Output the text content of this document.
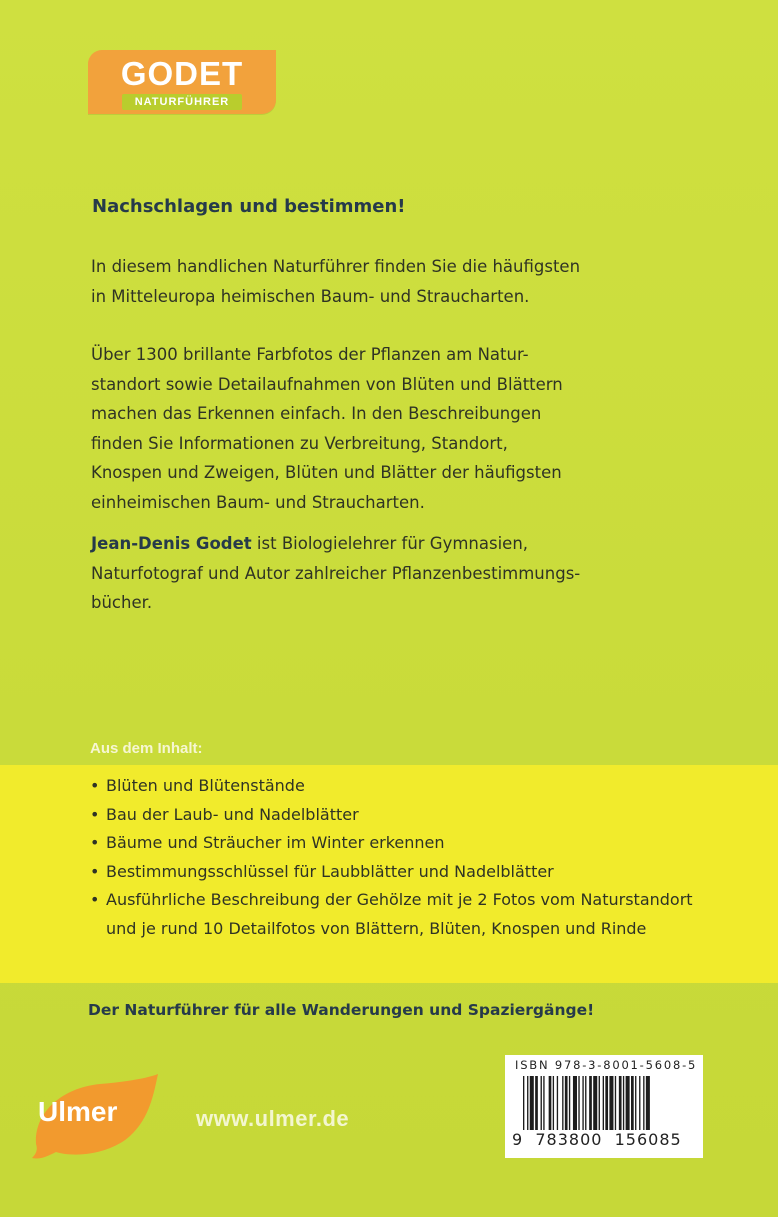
GODET
NATURFÜHRER
Nachschlagen und bestimmen!
In diesem handlichen Naturführer finden Sie die häufigsten
in Mitteleuropa heimischen Baum- und Straucharten.
Über 1300 brillante Farbfotos der Pflanzen am Natur-
standort sowie Detailaufnahmen von Blüten und Blättern
machen das Erkennen einfach. In den Beschreibungen
finden Sie Informationen zu Verbreitung, Standort,
Knospen und Zweigen, Blüten und Blätter der häufigsten
einheimischen Baum- und Straucharten.
Jean-Denis Godet ist Biologielehrer für Gymnasien,
Naturfotograf und Autor zahlreicher Pflanzenbestimmungs-
bücher.
Aus dem Inhalt:
• Blüten und Blütenstände
• Bau der Laub- und Nadelblätter
• Bäume und Sträucher im Winter erkennen
• Bestimmungsschlüssel für Laubblätter und Nadelblätter
• Ausführliche Beschreibung der Gehölze mit je 2 Fotos vom Naturstandort und je rund 10 Detailfotos von Blättern, Blüten, Knospen und Rinde
Der Naturführer für alle Wanderungen und Spaziergänge!
Ulmer	www.ulmer.de
ISBN 978-3-8001-5608-5
9 783800 156085
